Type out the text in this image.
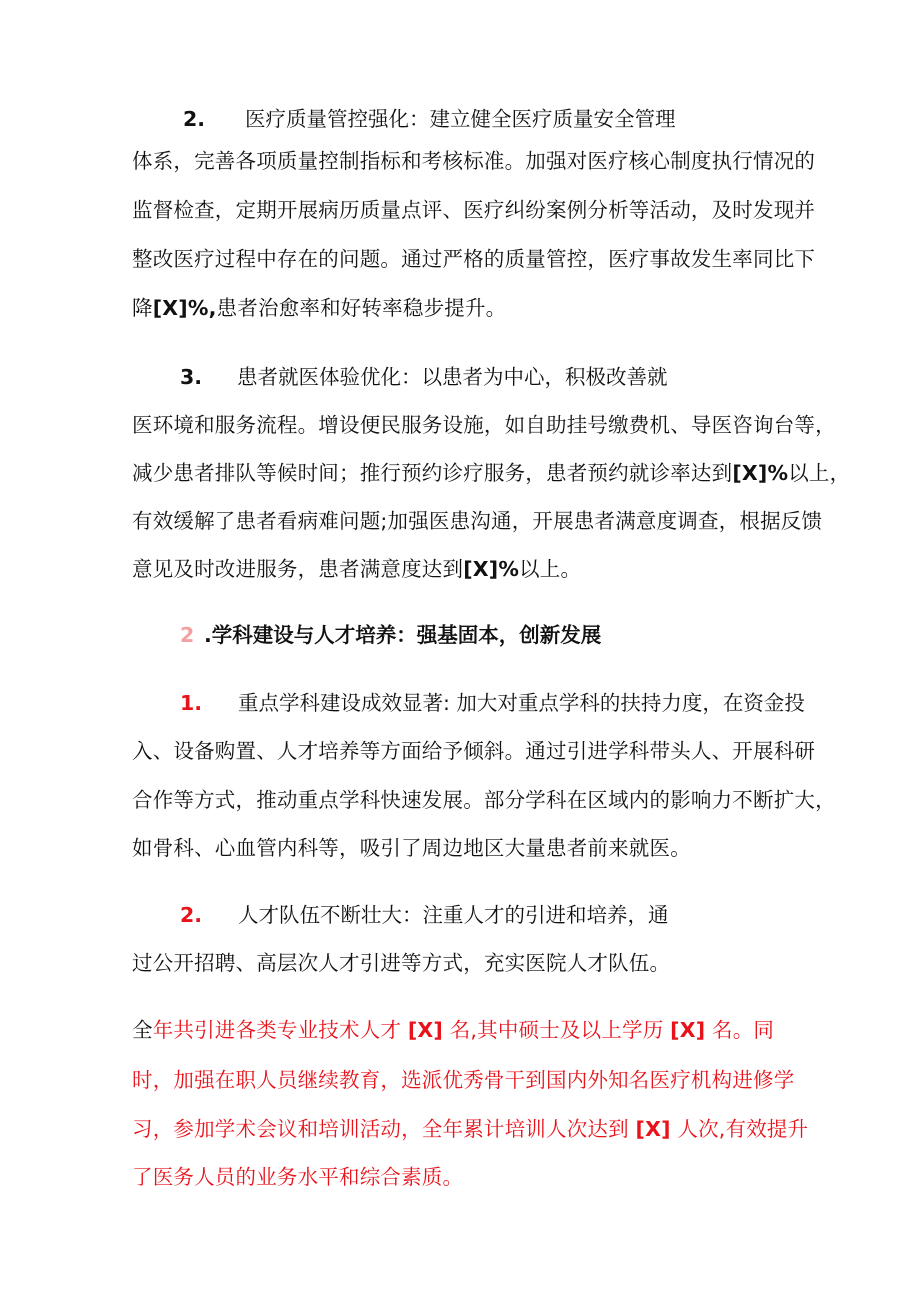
2. 医疗质量管控强化：建立健全医疗质量安全管理
体系，完善各项质量控制指标和考核标准。加强对医疗核心制度执行情况的
监督检查，定期开展病历质量点评、医疗纠纷案例分析等活动，及时发现并
整改医疗过程中存在的问题。通过严格的质量管控，医疗事故发生率同比下
降[X]%,患者治愈率和好转率稳步提升。
3. 患者就医体验优化：以患者为中心，积极改善就
医环境和服务流程。增设便民服务设施，如自助挂号缴费机、导医咨询台等，
减少患者排队等候时间；推行预约诊疗服务，患者预约就诊率达到[X]%以上，
有效缓解了患者看病难问题;加强医患沟通，开展患者满意度调查，根据反馈
意见及时改进服务，患者满意度达到[X]%以上。
2 .学科建设与人才培养：强基固本，创新发展
1. 重点学科建设成效显著: 加大对重点学科的扶持力度，在资金投
入、设备购置、人才培养等方面给予倾斜。通过引进学科带头人、开展科研
合作等方式，推动重点学科快速发展。部分学科在区域内的影响力不断扩大，
如骨科、心血管内科等，吸引了周边地区大量患者前来就医。
2. 人才队伍不断壮大：注重人才的引进和培养，通
过公开招聘、高层次人才引进等方式，充实医院人才队伍。
全年共引进各类专业技术人才 [X] 名,其中硕士及以上学历 [X] 名。同
时，加强在职人员继续教育，选派优秀骨干到国内外知名医疗机构进修学
习，参加学术会议和培训活动，全年累计培训人次达到 [X] 人次,有效提升
了医务人员的业务水平和综合素质。
